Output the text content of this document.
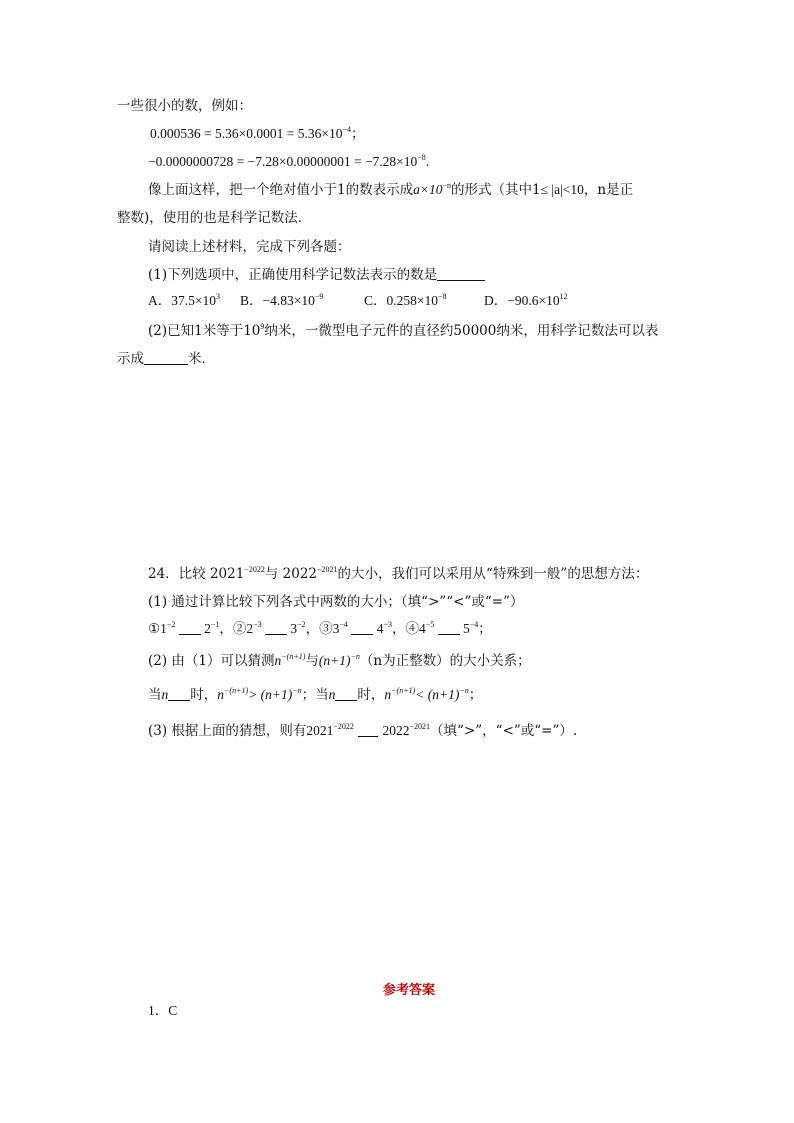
一些很小的数，例如：
$0.000536 = 5.36\times 0.0001 = 5.36\times 10^{-4}$；
$-0.0000000728 = -7.28\times 0.00000001 = -7.28\times 10^{-8}$.
像上面这样，把一个绝对值小于1的数表示成$a\times 10^{-n}$的形式（其中1≤ |a|<10，n是正
整数)，使用的也是科学记数法．
请阅读上述材料，完成下列各题：
(1)下列选项中，正确使用科学记数法表示的数是
A．$37.5\times 10^3$ B．$-4.83\times 10^{-9}$	C．$0.258\times 10^{-8}$	D．$-90.6\times 10^{12}$
(2)已知1米等于$10^9$纳米，一微型电子元件的直径约50000纳米，用科学记数法可以表
示成	米．
24．比较 $2021^{-2022}$与 $2022^{-2021}$的大小，我们可以采用从“特殊到一般”的思想方法：
(1) 通过计算比较下列各式中两数的大小；（填“>”“<”或“=”）
$①1^{-2}$ $2^{-1}$，$②2^{-3}$ $3^{-2}$，$③3^{-4}$ $4^{-3}$，$④4^{-5}$ $5^{-4}$；
(2) 由（1）可以猜测$n^{-(n+1)}$与$(n+1)^{-n}(n$为正整数）的大小关系；
当n 时，$n^{-(n+1)}> (n+1)^{-n}$；当n 时，$n^{-(n+1)}< (n+1)^{-n}$；
(3) 根据上面的猜想，则有$2021^{-2022}$ $2022^{-2021}$（填“>”，“<”或“=”）.
参考答案
1．C
